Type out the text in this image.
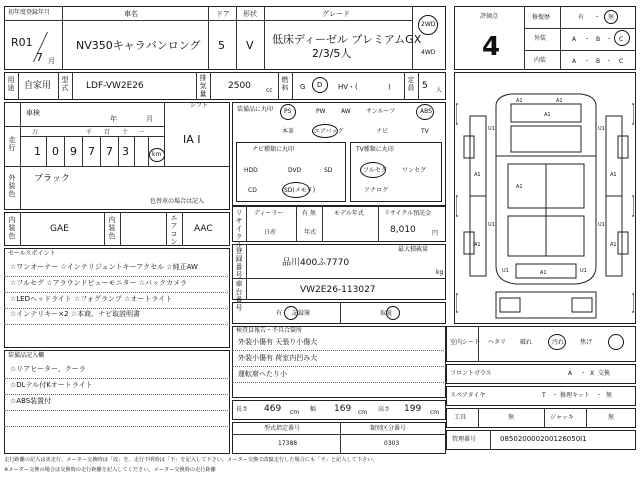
初年度登録年月
R01
7 月
車名
NV350キャラバンロング
ドア
5
形状
V
グレード
低床ディーゼル プレミアムGX
2/3/5人
2WD
4WD
用途 自家用 型式 LDF-VW2E26	排気量 2500	cc 燃料 G D HV・(	) 定員 5 人
車検
年	月
シフト
IA I
走行
万	千 百 十 一
1 0 9 7 7 3	km
外装色 ブラック
色替車の場合は記入
内装色	GAE	内装色	エアコン AAC
セールスポイント
☆ワンオーナー ☆インテリジェントキーアクセル ☆純正AW
☆フルセグ ☆アラウンドビューモニター ☆バックカメラ
☆LEDヘッドライト ☆フォグランプ ☆オートライト
☆インテリキー×2 ☆本商、ナビ取説明書
装備品記入欄
☆リアヒーター、クーラ
☆DLテル付Kオートライト
☆ABS装置付
装備品に丸印 PS	PW	AW	サンルーフ	ABS
本革	エアバッグ	ナビ	TV
ナビ種類に丸印
HDD	DVD	SD
CD	SD(メモリ)
TV種類に丸印
フルセグ	ワンセグ
アナログ
リサイクル ディーラー	有 無
日産	年式
モデル年式	リサイクル預託金
8,010	円
最大積載量
kg
登録番号	品川400ふ7770
車台番号	VW2E26-113027
有 記録簿	取説
検査員報告・不具合箇所
外装小傷有 天張り小傷大
外装小傷有 荷室内凹み大
運転席ヘたり小
長さ 469 cm 幅 169 cm 高さ 199 cm
型式指定番号
17388
類別区分番号
0303
評価点
4
修復歴	有 ・ 無
外装	A ・ B ・ C
内装	A ・ B ・ C
A1	A1
A1
U1	U1
A1	A1
A1
U1	U1
A1	A1
U1	U1
A1
室内シート ヘタリ 破れ	汚れ	焦げ
フロントガラス	A ・ X 交換
スペアタイヤ	T ・ 修理キット ・ 無
工具	無	ジャッキ	無
管理番号	085020000200126050I1
走行距離の記入は実走行、メーター交換時は「改」を、走行不明時は「不」を記入して下さい。メーター交換で改竄走行した場合にも「不」と記入して下さい。
※メーター交換の場合は交換時の走行距離を記入してください。メーター交換時の走行距離
